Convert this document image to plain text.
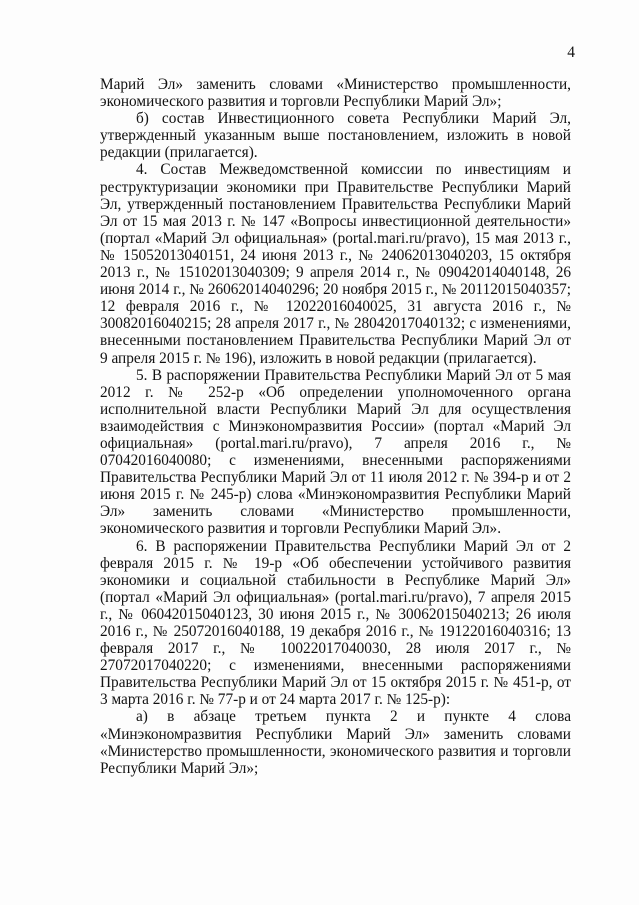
4

Марий Эл» заменить словами «Министерство промышленности, экономического развития и торговли Республики Марий Эл»;

б) состав Инвестиционного совета Республики Марий Эл, утвержденный указанным выше постановлением, изложить в новой редакции (прилагается).

4. Состав Межведомственной комиссии по инвестициям и реструктуризации экономики при Правительстве Республики Марий Эл, утвержденный постановлением Правительства Республики Марий Эл от 15 мая 2013 г. № 147 «Вопросы инвестиционной деятельности» (портал «Марий Эл официальная» (portal.mari.ru/pravo), 15 мая 2013 г., № 15052013040151, 24 июня 2013 г., № 24062013040203, 15 октября 2013 г., № 15102013040309; 9 апреля 2014 г., № 09042014040148, 26 июня 2014 г., № 26062014040296; 20 ноября 2015 г., № 20112015040357; 12 февраля 2016 г., № 12022016040025, 31 августа 2016 г., № 30082016040215; 28 апреля 2017 г., № 28042017040132; с изменениями, внесенными постановлением Правительства Республики Марий Эл от 9 апреля 2015 г. № 196), изложить в новой редакции (прилагается).

5. В распоряжении Правительства Республики Марий Эл от 5 мая 2012 г. № 252-р «Об определении уполномоченного органа исполнительной власти Республики Марий Эл для осуществления взаимодействия с Минэкономразвития России» (портал «Марий Эл официальная» (portal.mari.ru/pravo), 7 апреля 2016 г., № 07042016040080; с изменениями, внесенными распоряжениями Правительства Республики Марий Эл от 11 июля 2012 г. № 394-р и от 2 июня 2015 г. № 245-р) слова «Минэкономразвития Республики Марий Эл» заменить словами «Министерство промышленности, экономического развития и торговли Республики Марий Эл».

6. В распоряжении Правительства Республики Марий Эл от 2 февраля 2015 г. № 19-р «Об обеспечении устойчивого развития экономики и социальной стабильности в Республике Марий Эл» (портал «Марий Эл официальная» (portal.mari.ru/pravo), 7 апреля 2015 г., № 06042015040123, 30 июня 2015 г., № 30062015040213; 26 июля 2016 г., № 25072016040188, 19 декабря 2016 г., № 19122016040316; 13 февраля 2017 г., № 10022017040030, 28 июля 2017 г., № 27072017040220; с изменениями, внесенными распоряжениями Правительства Республики Марий Эл от 15 октября 2015 г. № 451-р, от 3 марта 2016 г. № 77-р и от 24 марта 2017 г. № 125-р):

а) в абзаце третьем пункта 2 и пункте 4 слова «Минэкономразвития Республики Марий Эл» заменить словами «Министерство промышленности, экономического развития и торговли Республики Марий Эл»;
